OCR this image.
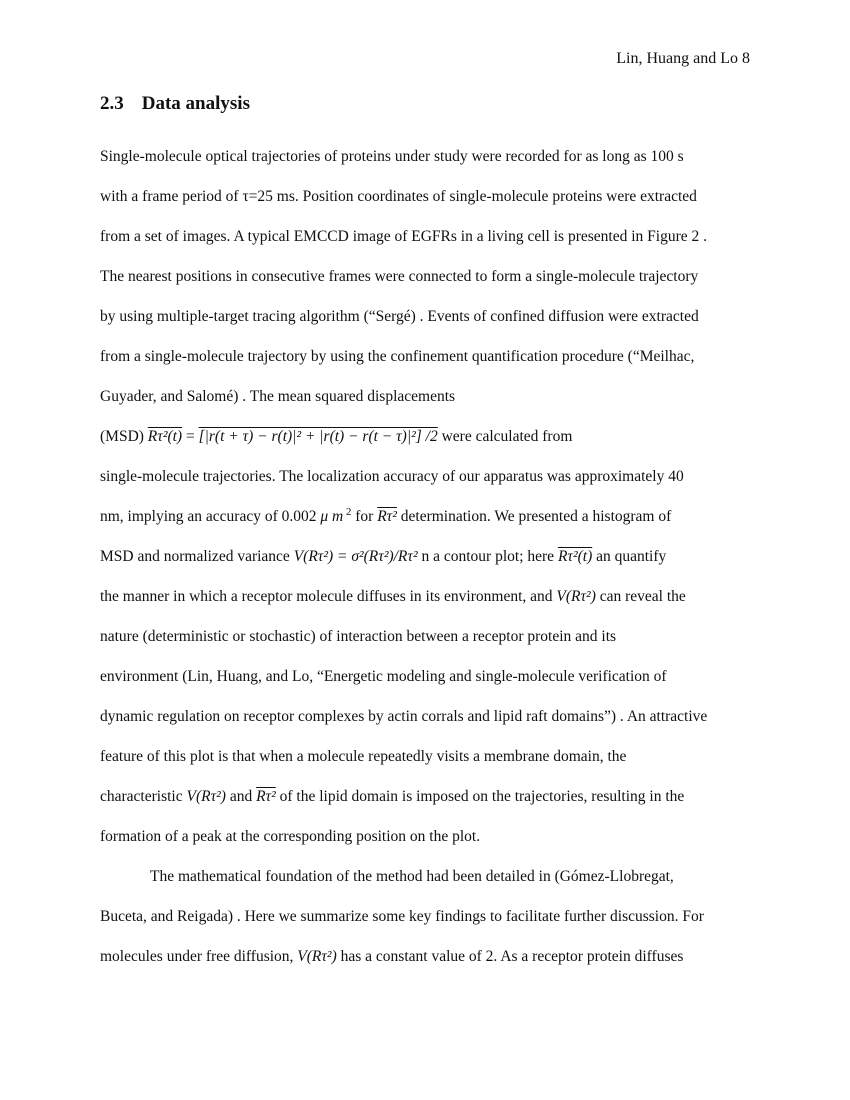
Lin, Huang and Lo 8
2.3 Data analysis
Single-molecule optical trajectories of proteins under study were recorded for as long as 100 s
with a frame period of τ=25 ms. Position coordinates of single-molecule proteins were extracted
from a set of images. A typical EMCCD image of EGFRs in a living cell is presented in Figure 2 .
The nearest positions in consecutive frames were connected to form a single-molecule trajectory
by using multiple-target tracing algorithm (“Sergé) . Events of confined diffusion were extracted
from a single-molecule trajectory by using the confinement quantification procedure (“Meilhac,
Guyader, and Salomé) . The mean squared displacements
(MSD) Rτ²(t) = [|r(t + τ) − r(t)|² + |r(t) − r(t − τ)|²] /2 were calculated from
single-molecule trajectories. The localization accuracy of our apparatus was approximately 40
nm, implying an accuracy of 0.002 μ m $^2$ for Rτ² determination. We presented a histogram of
MSD and normalized variance V(Rτ²) = σ²(Rτ²)/Rτ² n a contour plot; here Rτ²(t) an quantify
the manner in which a receptor molecule diffuses in its environment, and V(Rτ²) can reveal the
nature (deterministic or stochastic) of interaction between a receptor protein and its
environment (Lin, Huang, and Lo, “Energetic modeling and single-molecule verification of
dynamic regulation on receptor complexes by actin corrals and lipid raft domains”) . An attractive
feature of this plot is that when a molecule repeatedly visits a membrane domain, the
characteristic V(Rτ²) and Rτ² of the lipid domain is imposed on the trajectories, resulting in the
formation of a peak at the corresponding position on the plot.
The mathematical foundation of the method had been detailed in (Gómez-Llobregat,
Buceta, and Reigada) . Here we summarize some key findings to facilitate further discussion. For
molecules under free diffusion, V(Rτ²) has a constant value of 2. As a receptor protein diffuses
